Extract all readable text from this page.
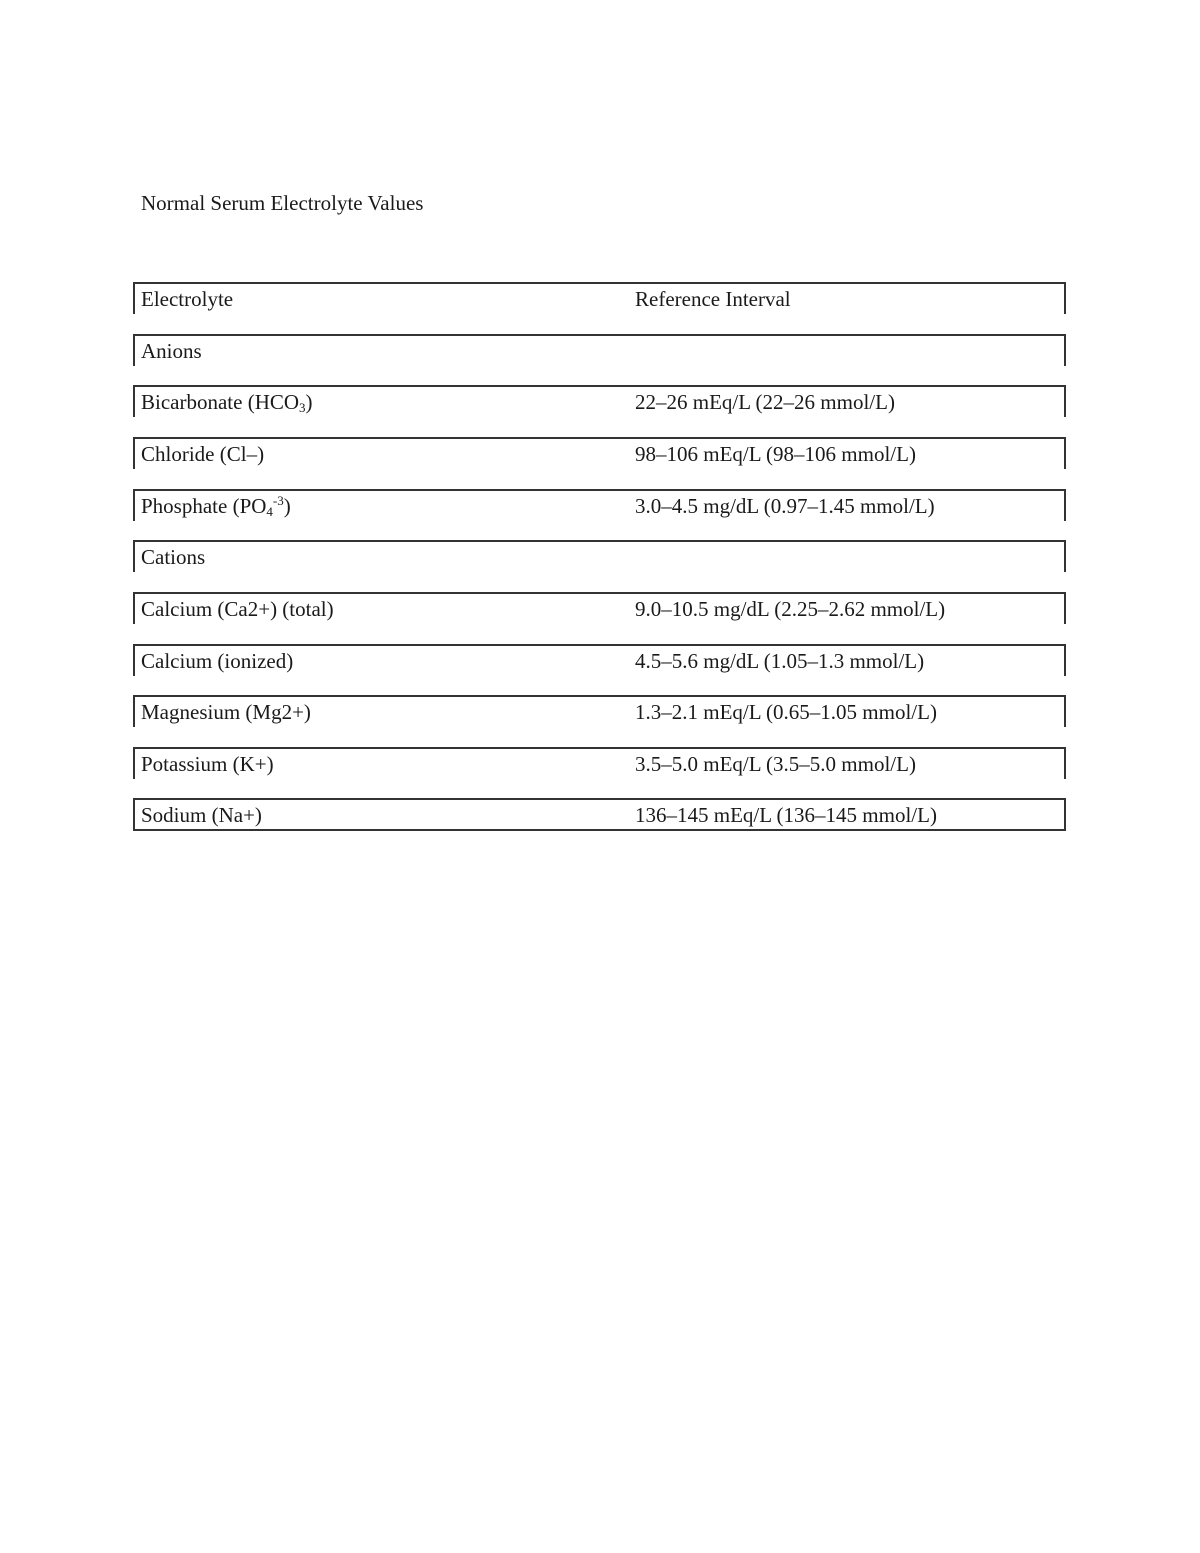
Normal Serum Electrolyte Values
Electrolyte	Reference Interval
Anions
Bicarbonate $(HCO_3)$	22–26 mEq/L (22–26 mmol/L)
Chloride (Cl–)	98–106 mEq/L (98–106 mmol/L)
Phosphate $(PO_4^{-3})$	3.0–4.5 mg/dL (0.97–1.45 mmol/L)
Cations
Calcium (Ca2+) (total)	9.0–10.5 mg/dL (2.25–2.62 mmol/L)
Calcium (ionized)	4.5–5.6 mg/dL (1.05–1.3 mmol/L)
Magnesium (Mg2+)	1.3–2.1 mEq/L (0.65–1.05 mmol/L)
Potassium (K+)	3.5–5.0 mEq/L (3.5–5.0 mmol/L)
Sodium (Na+)	136–145 mEq/L (136–145 mmol/L)
